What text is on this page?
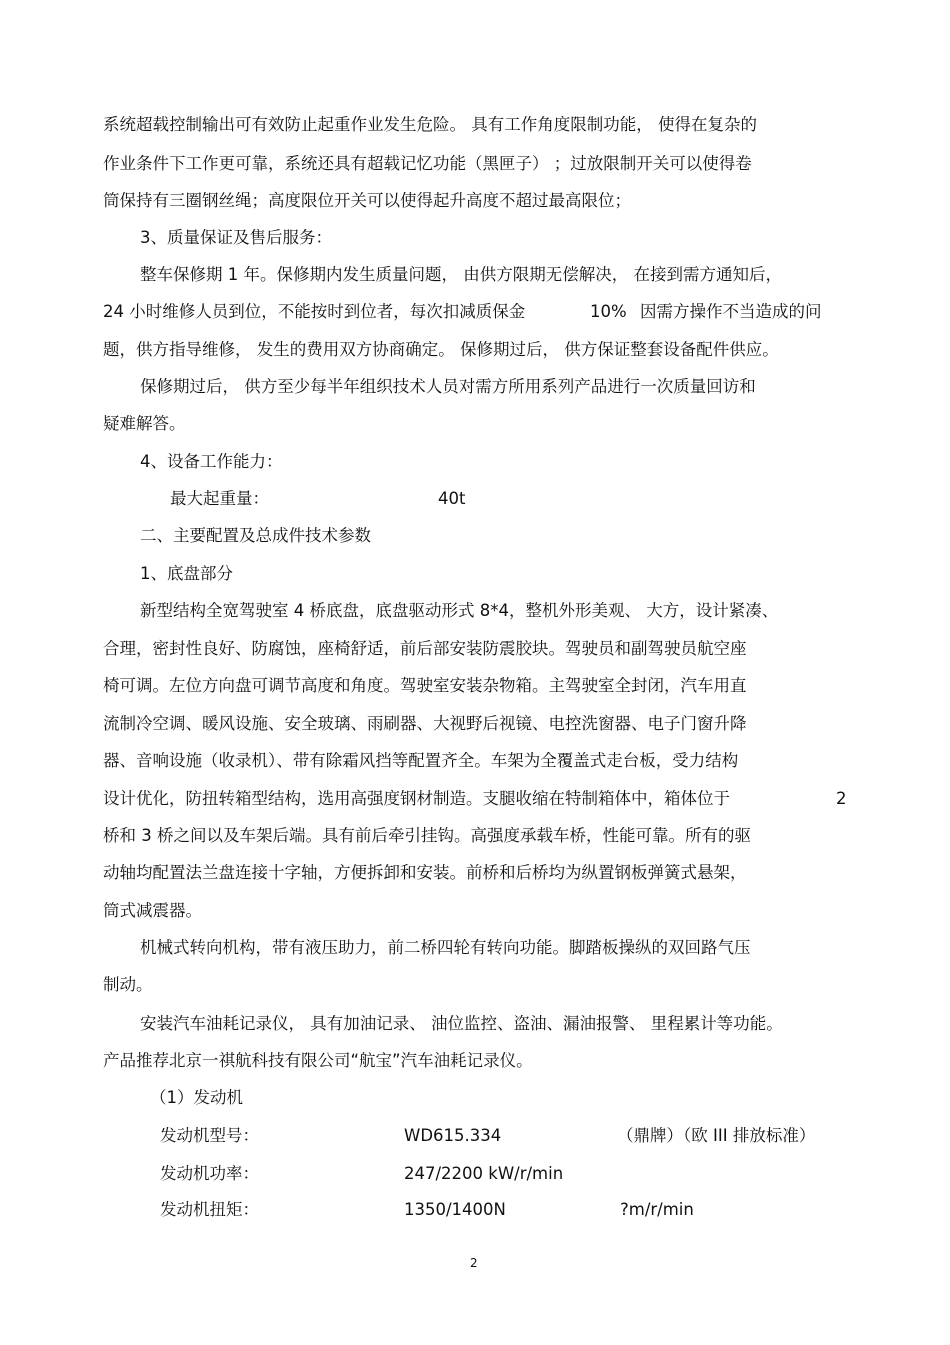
系统超载控制输出可有效防止起重作业发生危险。 具有工作角度限制功能， 使得在复杂的
作业条件下工作更可靠，系统还具有超载记忆功能（黑匣子） ；过放限制开关可以使得卷
筒保持有三圈钢丝绳；高度限位开关可以使得起升高度不超过最高限位；
3、质量保证及售后服务：
整车保修期 1 年。保修期内发生质量问题， 由供方限期无偿解决， 在接到需方通知后，
24 小时维修人员到位，不能按时到位者，每次扣减质保金	10% 因需方操作不当造成的问
题，供方指导维修， 发生的费用双方协商确定。 保修期过后， 供方保证整套设备配件供应。
保修期过后， 供方至少每半年组织技术人员对需方所用系列产品进行一次质量回访和
疑难解答。
4、设备工作能力：
最大起重量：	40t
二、主要配置及总成件技术参数
1、底盘部分
新型结构全宽驾驶室 4 桥底盘，底盘驱动形式 8*4，整机外形美观、 大方，设计紧凑、
合理，密封性良好、防腐蚀，座椅舒适，前后部安装防震胶块。驾驶员和副驾驶员航空座
椅可调。左位方向盘可调节高度和角度。驾驶室安装杂物箱。主驾驶室全封闭，汽车用直
流制冷空调、暖风设施、安全玻璃、雨刷器、大视野后视镜、电控洗窗器、电子门窗升降
器、音响设施（收录机）、带有除霜风挡等配置齐全。车架为全覆盖式走台板，受力结构
设计优化，防扭转箱型结构，选用高强度钢材制造。支腿收缩在特制箱体中，箱体位于	2
桥和 3 桥之间以及车架后端。具有前后牵引挂钩。高强度承载车桥，性能可靠。所有的驱
动轴均配置法兰盘连接十字轴，方便拆卸和安装。前桥和后桥均为纵置钢板弹簧式悬架，
筒式减震器。
机械式转向机构，带有液压助力，前二桥四轮有转向功能。脚踏板操纵的双回路气压
制动。
安装汽车油耗记录仪， 具有加油记录、 油位监控、盗油、漏油报警、 里程累计等功能。
产品推荐北京一祺航科技有限公司“航宝”汽车油耗记录仪。
（1）发动机
发动机型号：	WD615.334	（鼎牌）（欧 III 排放标准）
发动机功率：	247/2200 kW/r/min
发动机扭矩：	1350/1400N	?m/r/min
2
